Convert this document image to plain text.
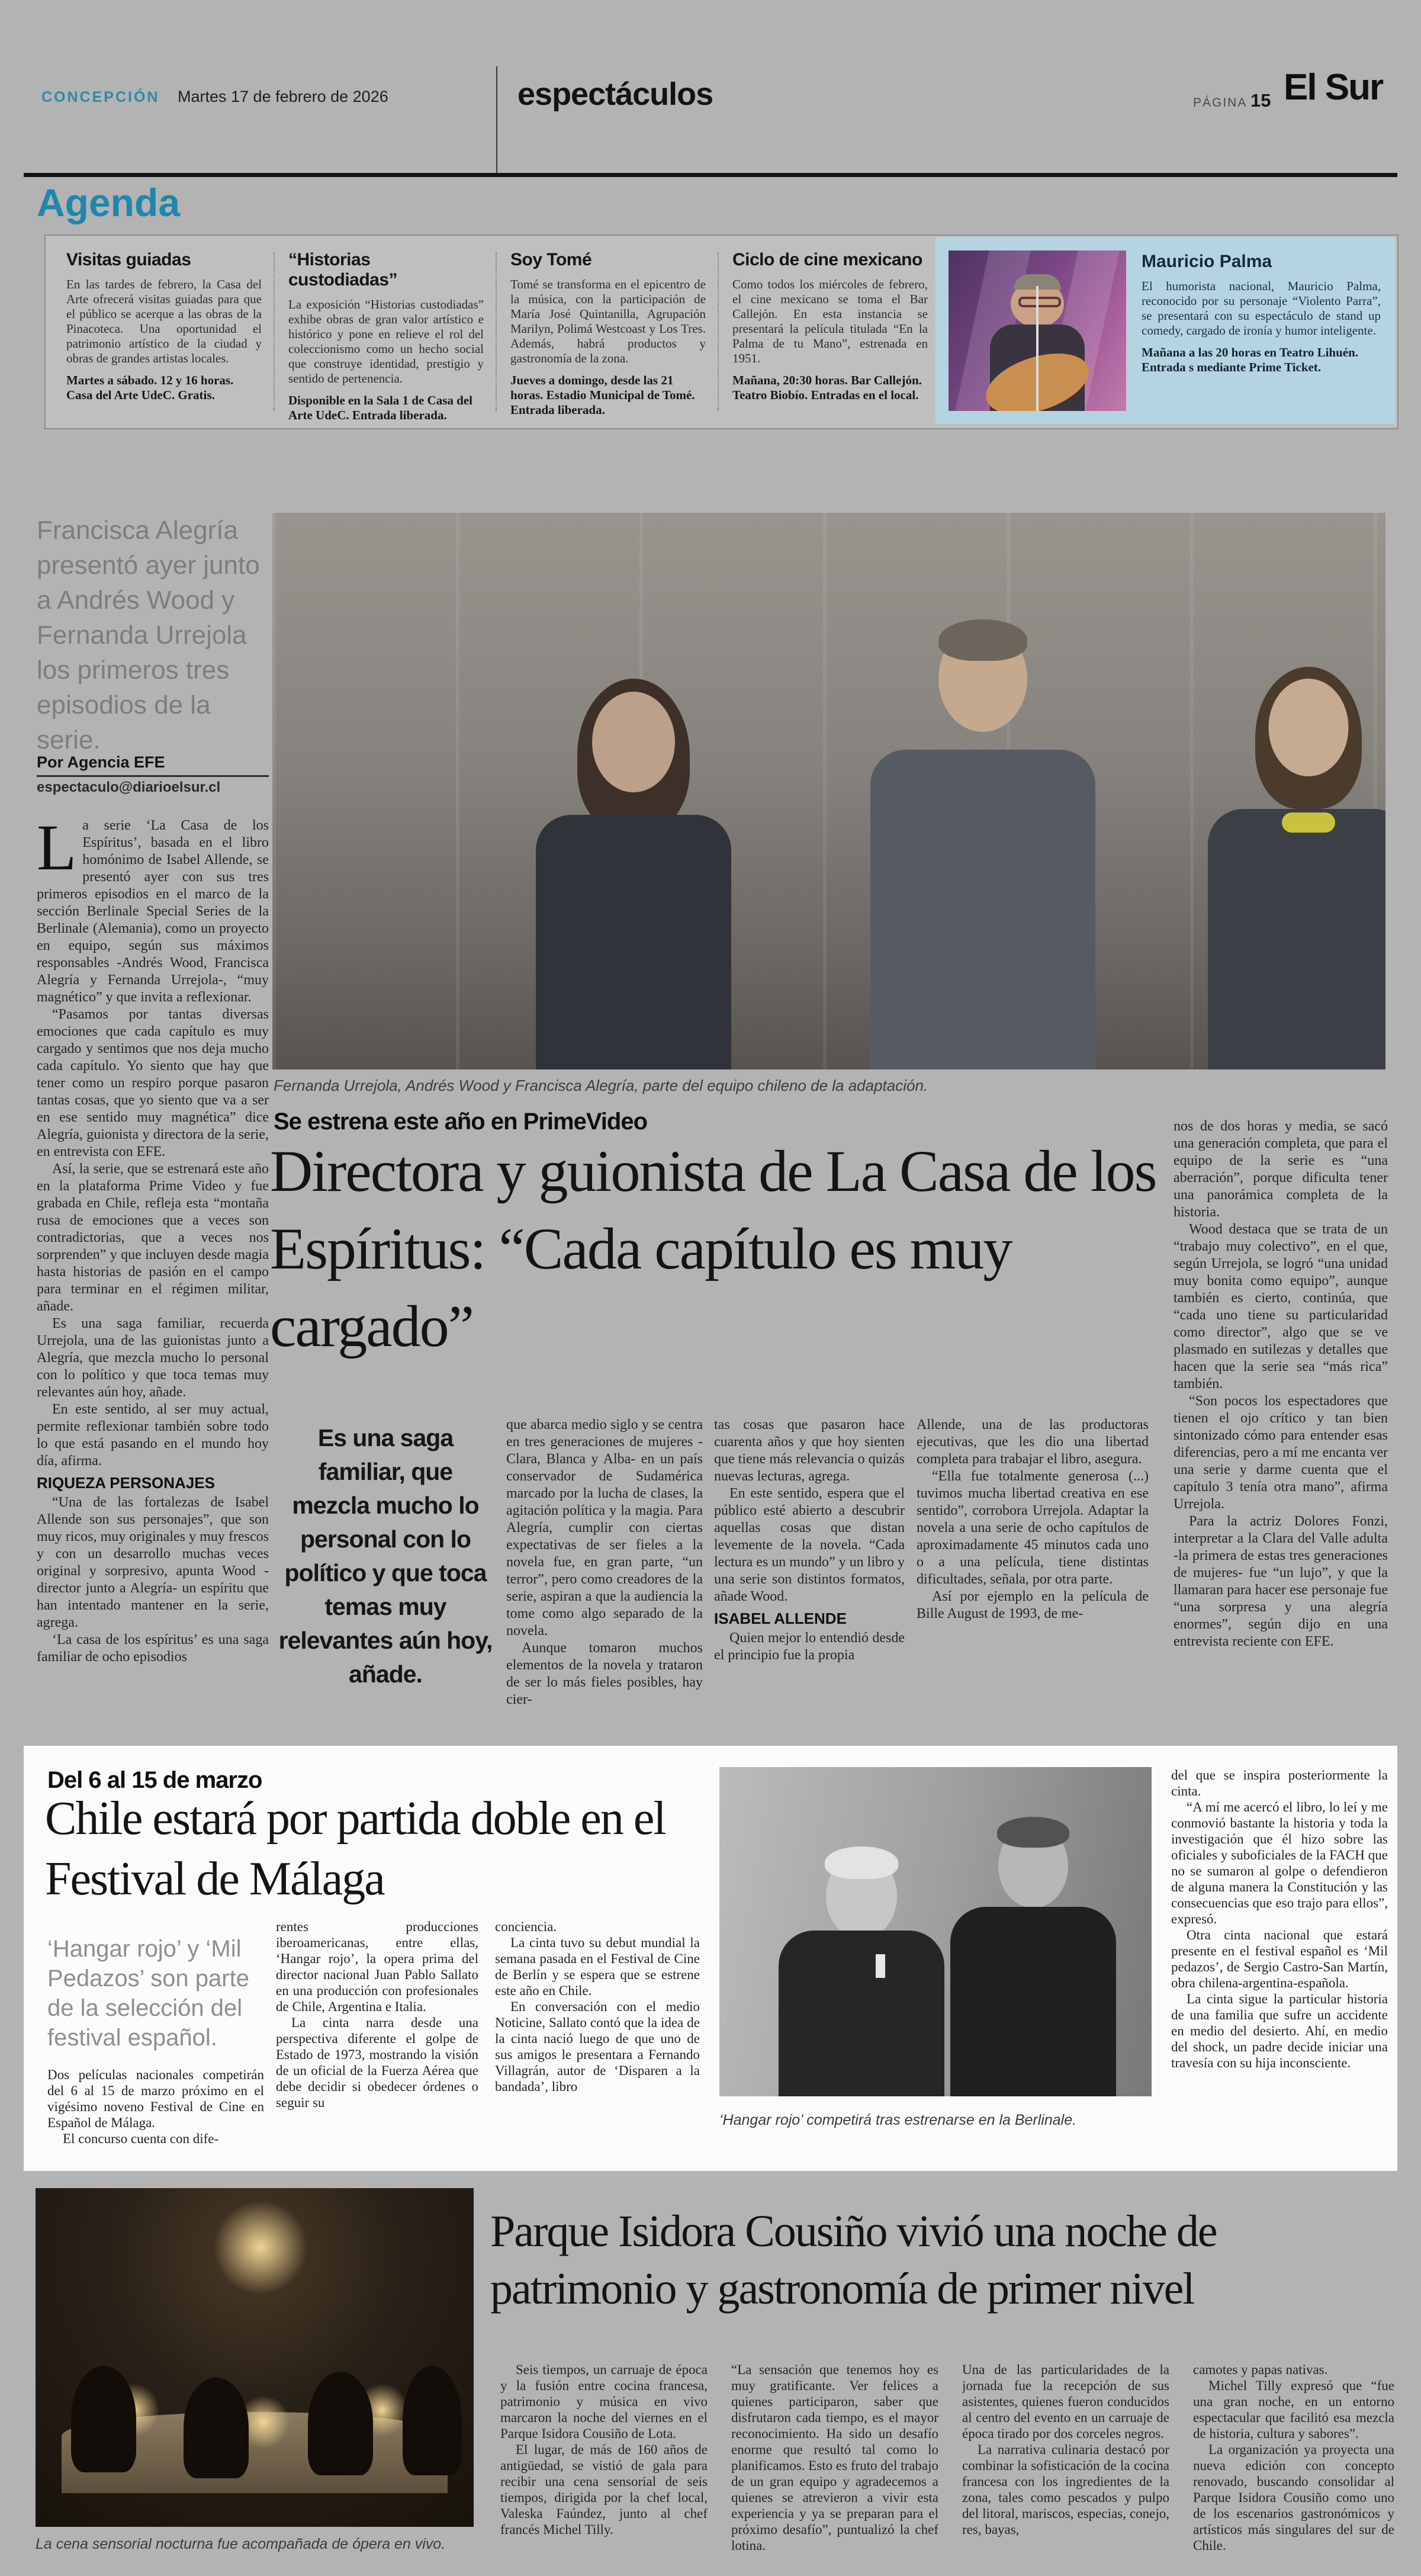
CONCEPCIÓN Martes 17 de febrero de 2026	espectáculos	PÁGINA 15 El Sur
Agenda
Visitas guiadas
En las tardes de febrero, la Casa del Arte ofrecerá visitas guiadas para que el público se acerque a las obras de la Pinacoteca. Una oportunidad el patrimonio artístico de la ciudad y obras de grandes artistas locales.
Martes a sábado. 12 y 16 horas. Casa del Arte UdeC. Gratis.
“Historias custodiadas”
La exposición “Historias custodiadas” exhibe obras de gran valor artístico e histórico y pone en relieve el rol del coleccionismo como un hecho social que construye identidad, prestigio y sentido de pertenencia.
Disponible en la Sala 1 de Casa del Arte UdeC. Entrada liberada.
Soy Tomé
Tomé se transforma en el epicentro de la música, con la participación de María José Quintanilla, Agrupación Marilyn, Polimá Westcoast y Los Tres. Además, habrá productos y gastronomía de la zona.
Jueves a domingo, desde las 21 horas. Estadio Municipal de Tomé. Entrada liberada.
Ciclo de cine mexicano
Como todos los miércoles de febrero, el cine mexicano se toma el Bar Callejón. En esta instancia se presentará la película titulada “En la Palma de tu Mano”, estrenada en 1951.
Mañana, 20:30 horas. Bar Callejón. Teatro Biobío. Entradas en el local.
Mauricio Palma
El humorista nacional, Mauricio Palma, reconocido por su personaje “Violento Parra”, se presentará con su espectáculo de stand up comedy, cargado de ironía y humor inteligente.
Mañana a las 20 horas en Teatro Lihuén. Entrada s mediante Prime Ticket.
Francisca Alegría presentó ayer junto a Andrés Wood y Fernanda Urrejola los primeros tres episodios de la serie.
Por Agencia EFE
espectaculo@diarioelsur.cl

La serie ‘La Casa de los Espíritus’, basada en el libro homónimo de Isabel Allende, se presentó ayer con sus tres primeros episodios en el marco de la sección Berlinale Special Series de la Berlinale (Alemania), como un proyecto en equipo, según sus máximos responsables -Andrés Wood, Francisca Alegría y Fernanda Urrejola-, “muy magnético” y que invita a reflexionar.

“Pasamos por tantas diversas emociones que cada capítulo es muy cargado y sentimos que nos deja mucho cada capítulo. Yo siento que hay que tener como un respiro porque pasaron tantas cosas, que yo siento que va a ser en ese sentido muy magnética” dice Alegría, guionista y directora de la serie, en entrevista con EFE.

Así, la serie, que se estrenará este año en la plataforma Prime Video y fue grabada en Chile, refleja esta “montaña rusa de emociones que a veces son contradictorias, que a veces nos sorprenden” y que incluyen desde magia hasta historias de pasión en el campo para terminar en el régimen militar, añade.

Es una saga familiar, recuerda Urrejola, una de las guionistas junto a Alegría, que mezcla mucho lo personal con lo político y que toca temas muy relevantes aún hoy, añade.

En este sentido, al ser muy actual, permite reflexionar también sobre todo lo que está pasando en el mundo hoy día, afirma.

RIQUEZA PERSONAJES

“Una de las fortalezas de Isabel Allende son sus personajes”, que son muy ricos, muy originales y muy frescos y con un desarrollo muchas veces original y sorpresivo, apunta Wood -director junto a Alegría- un espíritu que han intentado mantener en la serie, agrega.

‘La casa de los espíritus’ es una saga familiar de ocho episodios

Fernanda Urrejola, Andrés Wood y Francisca Alegría, parte del equipo chileno de la adaptación.
Se estrena este año en PrimeVideo
Directora y guionista de La Casa de los Espíritus: “Cada capítulo es muy cargado”
Es una saga familiar, que mezcla mucho lo personal con lo político y que toca temas muy relevantes aún hoy, añade.

que abarca medio siglo y se centra en tres generaciones de mujeres -Clara, Blanca y Alba- en un país conservador de Sudamérica marcado por la lucha de clases, la agitación política y la magia. Para Alegría, cumplir con ciertas expectativas de ser fieles a la novela fue, en gran parte, “un terror”, pero como creadores de la serie, aspiran a que la audiencia la tome como algo separado de la novela.

Aunque tomaron muchos elementos de la novela y trataron de ser lo más fieles posibles, hay cier-

tas cosas que pasaron hace cuarenta años y que hoy sienten que tiene más relevancia o quizás nuevas lecturas, agrega.

En este sentido, espera que el público esté abierto a descubrir aquellas cosas que distan levemente de la novela. “Cada lectura es un mundo” y un libro y una serie son distintos formatos, añade Wood.

ISABEL ALLENDE

Quien mejor lo entendió desde el principio fue la propia

Allende, una de las productoras ejecutivas, que les dio una libertad completa para trabajar el libro, asegura.

“Ella fue totalmente generosa (...) tuvimos mucha libertad creativa en ese sentido”, corrobora Urrejola. Adaptar la novela a una serie de ocho capítulos de aproximadamente 45 minutos cada uno o a una película, tiene distintas dificultades, señala, por otra parte.

Así por ejemplo en la película de Bille August de 1993, de me-

nos de dos horas y media, se sacó una generación completa, que para el equipo de la serie es “una aberración”, porque dificulta tener una panorámica completa de la historia.

Wood destaca que se trata de un “trabajo muy colectivo”, en el que, según Urrejola, se logró “una unidad muy bonita como equipo”, aunque también es cierto, continúa, que “cada uno tiene su particularidad como director”, algo que se ve plasmado en sutilezas y detalles que hacen que la serie sea “más rica” también.

“Son pocos los espectadores que tienen el ojo crítico y tan bien sintonizado cómo para entender esas diferencias, pero a mí me encanta ver una serie y darme cuenta que el capítulo 3 tenía otra mano”, afirma Urrejola.

Para la actriz Dolores Fonzi, interpretar a la Clara del Valle adulta -la primera de estas tres generaciones de mujeres- fue “un lujo”, y que la llamaran para hacer ese personaje fue “una sorpresa y una alegría enormes”, según dijo en una entrevista reciente con EFE.

Del 6 al 15 de marzo
Chile estará por partida doble en el Festival de Málaga
‘Hangar rojo’ y ‘Mil Pedazos’ son parte de la selección del festival español.

Dos películas nacionales competirán del 6 al 15 de marzo próximo en el vigésimo noveno Festival de Cine en Español de Málaga.

El concurso cuenta con dife-

rentes producciones iberoamericanas, entre ellas, ‘Hangar rojo’, la opera prima del director nacional Juan Pablo Sallato en una producción con profesionales de Chile, Argentina e Italia.

La cinta narra desde una perspectiva diferente el golpe de Estado de 1973, mostrando la visión de un oficial de la Fuerza Aérea que debe decidir si obedecer órdenes o seguir su

conciencia.

La cinta tuvo su debut mundial la semana pasada en el Festival de Cine de Berlín y se espera que se estrene este año en Chile.

En conversación con el medio Noticine, Sallato contó que la idea de la cinta nació luego de que uno de sus amigos le presentara a Fernando Villagrán, autor de ‘Disparen a la bandada’, libro

‘Hangar rojo’ competirá tras estrenarse en la Berlinale.

del que se inspira posteriormente la cinta.

“A mí me acercó el libro, lo leí y me conmovió bastante la historia y toda la investigación que él hizo sobre las oficiales y suboficiales de la FACH que no se sumaron al golpe o defendieron de alguna manera la Constitución y las consecuencias que eso trajo para ellos”, expresó.

Otra cinta nacional que estará presente en el festival español es ‘Mil pedazos’, de Sergio Castro-San Martín, obra chilena-argentina-española.

La cinta sigue la particular historia de una familia que sufre un accidente en medio del desierto. Ahí, en medio del shock, un padre decide iniciar una travesía con su hija inconsciente.

La cena sensorial nocturna fue acompañada de ópera en vivo.
Parque Isidora Cousiño vivió una noche de patrimonio y gastronomía de primer nivel

Seis tiempos, un carruaje de época y la fusión entre cocina francesa, patrimonio y música en vivo marcaron la noche del viernes en el Parque Isidora Cousiño de Lota.

El lugar, de más de 160 años de antigüedad, se vistió de gala para recibir una cena sensorial de seis tiempos, dirigida por la chef local, Valeska Faúndez, junto al chef francés Michel Tilly.

“La sensación que tenemos hoy es muy gratificante. Ver felices a quienes participaron, saber que disfrutaron cada tiempo, es el mayor reconocimiento. Ha sido un desafío enorme que resultó tal como lo planificamos. Esto es fruto del trabajo de un gran equipo y agradecemos a quienes se atrevieron a vivir esta experiencia y ya se preparan para el próximo desafío”, puntualizó la chef lotina.

Una de las particularidades de la jornada fue la recepción de sus asistentes, quienes fueron conducidos al centro del evento en un carruaje de época tirado por dos corceles negros.

La narrativa culinaria destacó por combinar la sofisticación de la cocina francesa con los ingredientes de la zona, tales como pescados y pulpo del litoral, mariscos, especias, conejo, res, bayas,

camotes y papas nativas.

Michel Tilly expresó que “fue una gran noche, en un entorno espectacular que facilitó esa mezcla de historia, cultura y sabores”.

La organización ya proyecta una nueva edición con concepto renovado, buscando consolidar al Parque Isidora Cousiño como uno de los escenarios gastronómicos y artísticos más singulares del sur de Chile.
